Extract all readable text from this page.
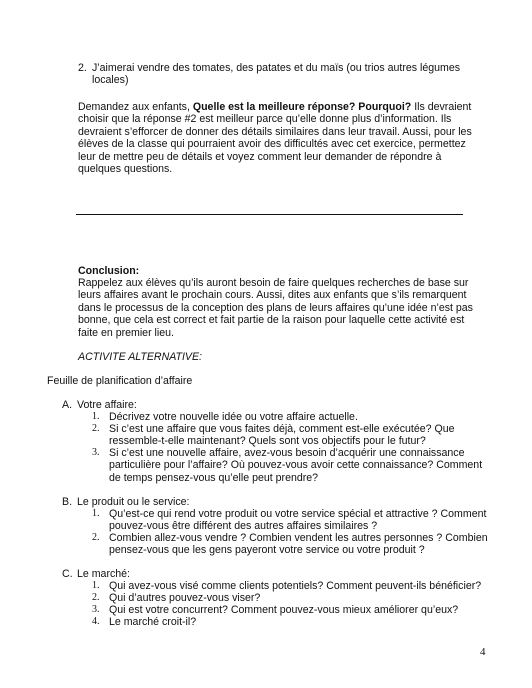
2. J’aimerai vendre des tomates, des patates et du maïs (ou trios autres légumes locales)

Demandez aux enfants, Quelle est la meilleure réponse? Pourquoi? Ils devraient choisir que la réponse #2 est meilleur parce qu’elle donne plus d’information. Ils devraient s’efforcer de donner des détails similaires dans leur travail. Aussi, pour les élèves de la classe qui pourraient avoir des difficultés avec cet exercice, permettez leur de mettre peu de détails et voyez comment leur demander de répondre à quelques questions.

Conclusion:

Rappelez aux élèves qu’ils auront besoin de faire quelques recherches de base sur leurs affaires avant le prochain cours. Aussi, dites aux enfants que s’ils remarquent dans le processus de la conception des plans de leurs affaires qu’une idée n’est pas bonne, que cela est correct et fait partie de la raison pour laquelle cette activité est faite en premier lieu.

ACTIVITE ALTERNATIVE:
Feuille de planification d’affaire
A. Votre affaire:
1. Décrivez votre nouvelle idée ou votre affaire actuelle.
2. Si c’est une affaire que vous faites déjà, comment est-elle exécutée? Que ressemble-t-elle maintenant? Quels sont vos objectifs pour le futur?
3. Si c’est une nouvelle affaire, avez-vous besoin d’acquérir une connaissance particulière pour l’affaire? Où pouvez-vous avoir cette connaissance? Comment de temps pensez-vous qu’elle peut prendre?
B. Le produit ou le service:
1. Qu’est-ce qui rend votre produit ou votre service spécial et attractive ? Comment pouvez-vous être différent des autres affaires similaires ?
2. Combien allez-vous vendre ? Combien vendent les autres personnes ? Combien pensez-vous que les gens payeront votre service ou votre produit ?
C. Le marché:
1. Qui avez-vous visé comme clients potentiels? Comment peuvent-ils bénéficier?
2. Qui d’autres pouvez-vous viser?
3. Qui est votre concurrent? Comment pouvez-vous mieux améliorer qu’eux?
4. Le marché croit-il?
4
